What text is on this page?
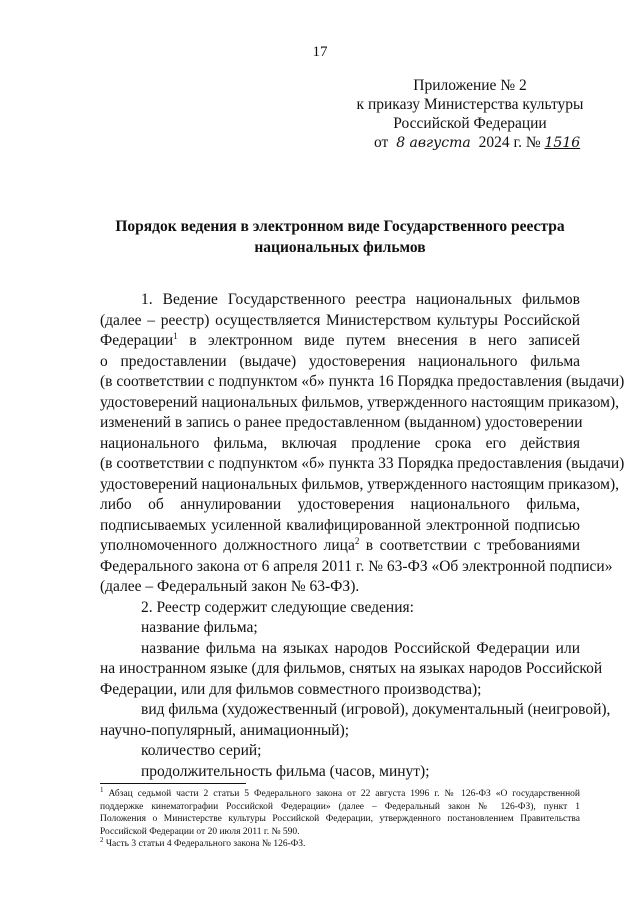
17
Приложение № 2
к приказу Министерства культуры
Российской Федерации
от 8 августа 2024 г. № 1516
Порядок ведения в электронном виде Государственного реестра
национальных фильмов
1. Ведение Государственного реестра национальных фильмов
(далее – реестр) осуществляется Министерством культуры Российской
Федерации$^1$ в электронном виде путем внесения в него записей
о предоставлении (выдаче) удостоверения национального фильма
(в соответствии с подпунктом «б» пункта 16 Порядка предоставления (выдачи)
удостоверений национальных фильмов, утвержденного настоящим приказом),
изменений в запись о ранее предоставленном (выданном) удостоверении
национального фильма, включая продление срока его действия
(в соответствии с подпунктом «б» пункта 33 Порядка предоставления (выдачи)
удостоверений национальных фильмов, утвержденного настоящим приказом),
либо об аннулировании удостоверения национального фильма,
подписываемых усиленной квалифицированной электронной подписью
уполномоченного должностного лица$^2$ в соответствии с требованиями
Федерального закона от 6 апреля 2011 г. № 63-ФЗ «Об электронной подписи»
(далее – Федеральный закон № 63-ФЗ).
2. Реестр содержит следующие сведения:
название фильма;
название фильма на языках народов Российской Федерации или
на иностранном языке (для фильмов, снятых на языках народов Российской
Федерации, или для фильмов совместного производства);
вид фильма (художественный (игровой), документальный (неигровой),
научно-популярный, анимационный);
количество серий;
продолжительность фильма (часов, минут);
$^1$ Абзац седьмой части 2 статьи 5 Федерального закона от 22 августа 1996 г. № 126-ФЗ «О государственной
поддержке кинематографии Российской Федерации» (далее – Федеральный закон № 126-ФЗ), пункт 1
Положения о Министерстве культуры Российской Федерации, утвержденного постановлением Правительства
Российской Федерации от 20 июля 2011 г. № 590.
$^2$ Часть 3 статьи 4 Федерального закона № 126-ФЗ.
